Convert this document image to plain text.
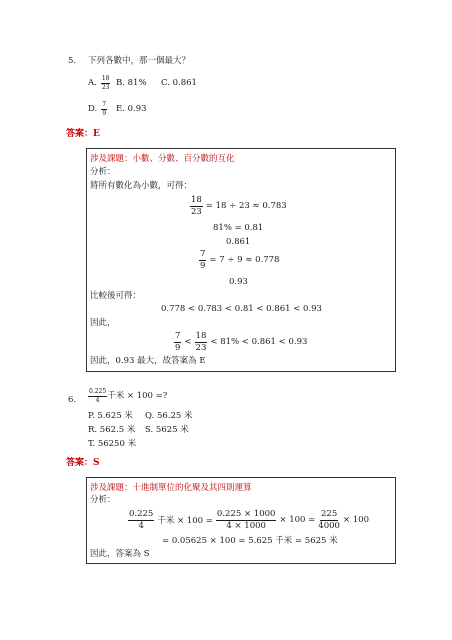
5. 下列各數中，那一個最大？
A. $\frac{18}{23} B$. 81% C. 0.861
D. $\frac{7}{9} E$. 0.93
答案：E
涉及課題：小數、分數、百分數的互化
分析：
將所有數化為小數，可得：
$\frac{18}{23} = 18 \div 23 \approx 0.783$
81% = 0.81
0.861
$\frac{7}{9} = 7 \div 9 \approx 0.778$
0.93
比較後可得：
0.778 < 0.783 < 0.81 < 0.861 < 0.93
因此，
$\frac{7}{9} < \frac{18}{23} < 81\% < 0.861 < 0.93$
因此，0.93 最大，故答案為 E
6. $\frac{0.225}{4}$ 千米 × 100 =?
P. 5.625 米 Q. 56.25 米
R. 562.5 米 S. 5625 米
T. 56250 米
答案：S
涉及課題：十進制單位的化聚及其四則運算
分析：
$\frac{0.225}{4}$ 千米 × $100 = \frac{0.225 \times 1000}{4 \times 1000} \times 100 = \frac{225}{4000} \times 100$
= 0.05625 × 100 = 5.625 千米 = 5625 米
因此，答案為 S
